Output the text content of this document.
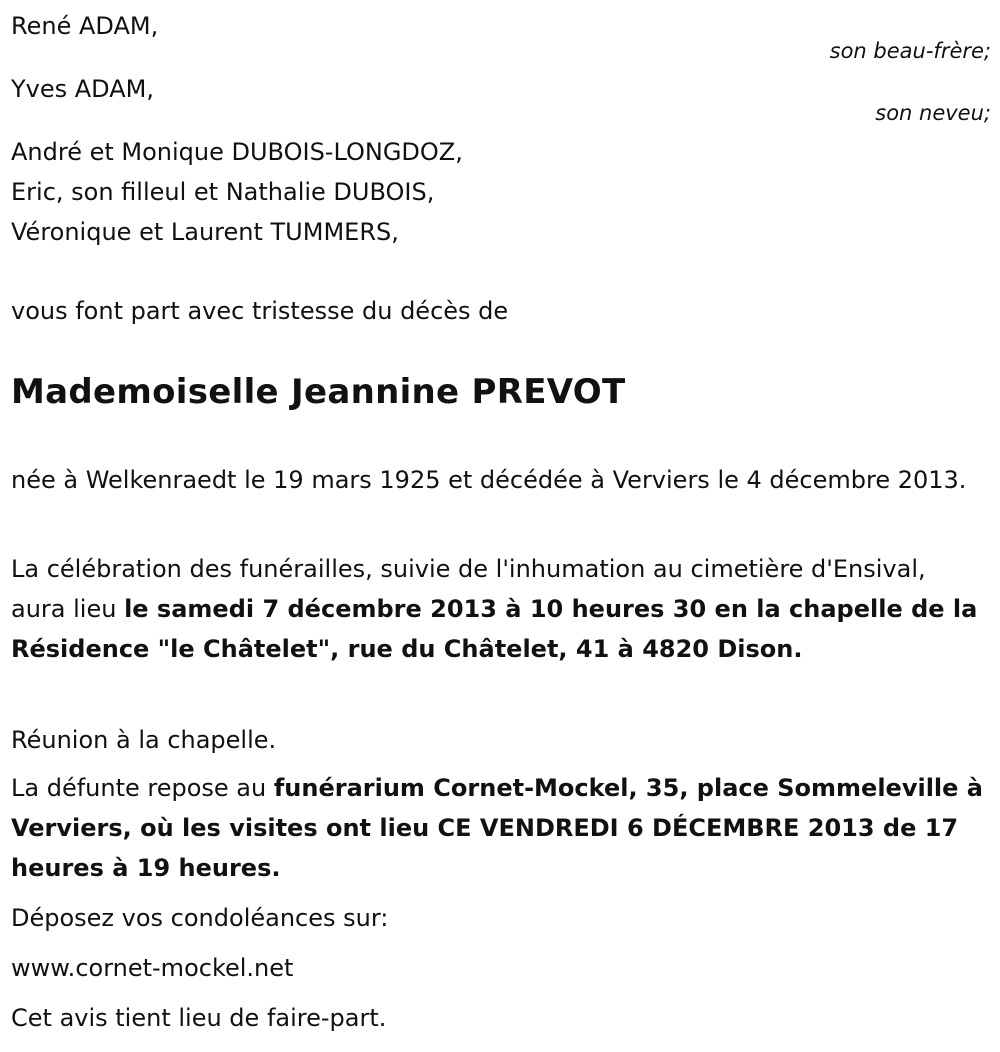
René ADAM,
son beau-frère;
Yves ADAM,
son neveu;
André et Monique DUBOIS-LONGDOZ,
Eric, son filleul et Nathalie DUBOIS,
Véronique et Laurent TUMMERS,
vous font part avec tristesse du décès de
Mademoiselle Jeannine PREVOT

née à Welkenraedt le 19 mars 1925 et décédée à Verviers le 4 décembre 2013.

La célébration des funérailles, suivie de l'inhumation au cimetière d'Ensival, aura lieu le samedi 7 décembre 2013 à 10 heures 30 en la chapelle de la Résidence "le Châtelet", rue du Châtelet, 41 à 4820 Dison.

Réunion à la chapelle.

La défunte repose au funérarium Cornet-Mockel, 35, place Sommeleville à Verviers, où les visites ont lieu CE VENDREDI 6 DÉCEMBRE 2013 de 17 heures à 19 heures.

Déposez vos condoléances sur:
www.cornet-mockel.net
Cet avis tient lieu de faire-part.
